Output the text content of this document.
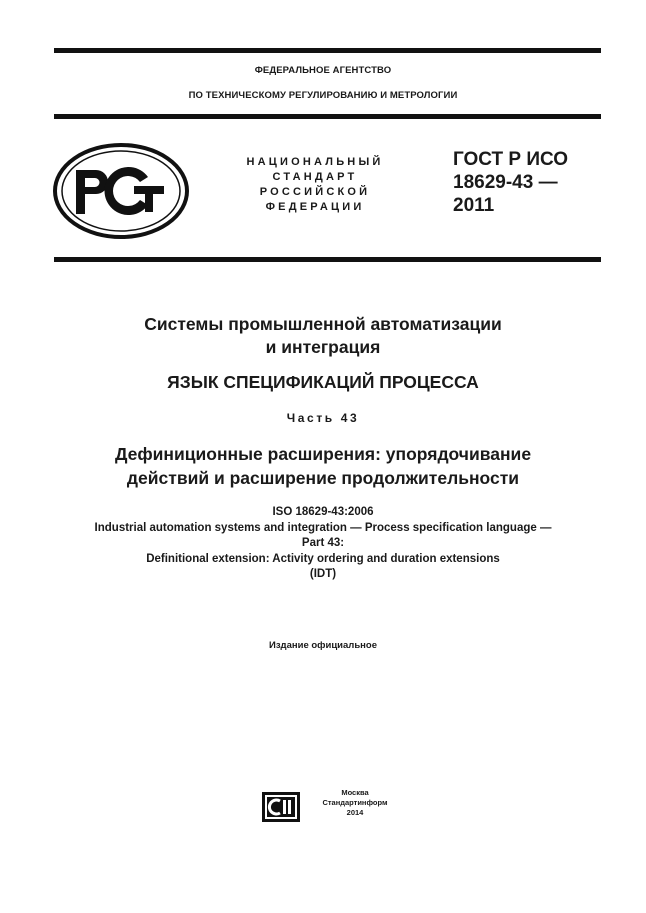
ФЕДЕРАЛЬНОЕ АГЕНТСТВО
ПО ТЕХНИЧЕСКОМУ РЕГУЛИРОВАНИЮ И МЕТРОЛОГИИ
НАЦИОНАЛЬНЫЙ
СТАНДАРТ
РОССИЙСКОЙ
ФЕДЕРАЦИИ
ГОСТ Р ИСО
18629-43 —
2011
Системы промышленной автоматизации
и интеграция
ЯЗЫК СПЕЦИФИКАЦИЙ ПРОЦЕССА
Часть 43
Дефиниционные расширения: упорядочивание
действий и расширение продолжительности
ISO 18629-43:2006
Industrial automation systems and integration — Process specification language —
Part 43:
Definitional extension: Activity ordering and duration extensions
(IDT)
Издание официальное
Москва
Стандартинформ
2014
